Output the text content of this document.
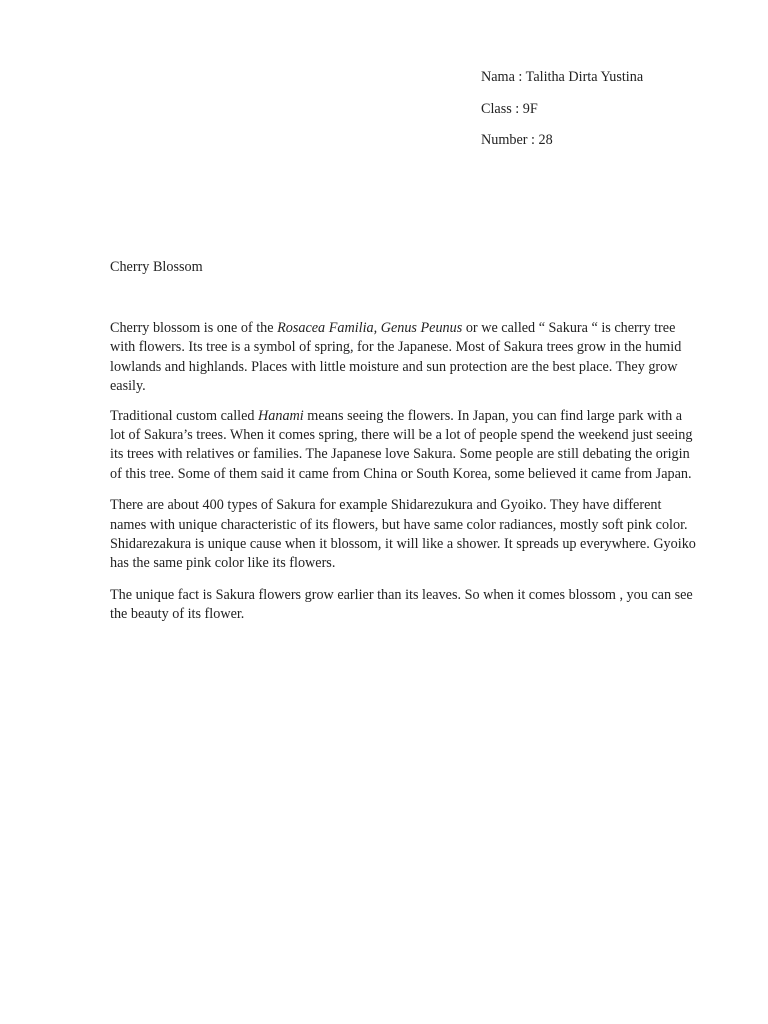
Nama : Talitha Dirta Yustina
Class : 9F
Number : 28
Cherry Blossom

Cherry blossom is one of the Rosacea Familia, Genus Peunus or we called “ Sakura “ is cherry tree with flowers. Its tree is a symbol of spring, for the Japanese. Most of Sakura trees grow in the humid lowlands and highlands. Places with little moisture and sun protection are the best place. They grow easily.

Traditional custom called Hanami means seeing the flowers. In Japan, you can find large park with a lot of Sakura’s trees. When it comes spring, there will be a lot of people spend the weekend just seeing its trees with relatives or families. The Japanese love Sakura. Some people are still debating the origin of this tree. Some of them said it came from China or South Korea, some believed it came from Japan.

There are about 400 types of Sakura for example Shidarezukura and Gyoiko. They have different names with unique characteristic of its flowers, but have same color radiances, mostly soft pink color. Shidarezakura is unique cause when it blossom, it will like a shower. It spreads up everywhere. Gyoiko has the same pink color like its flowers.

The unique fact is Sakura flowers grow earlier than its leaves. So when it comes blossom , you can see the beauty of its flower.
